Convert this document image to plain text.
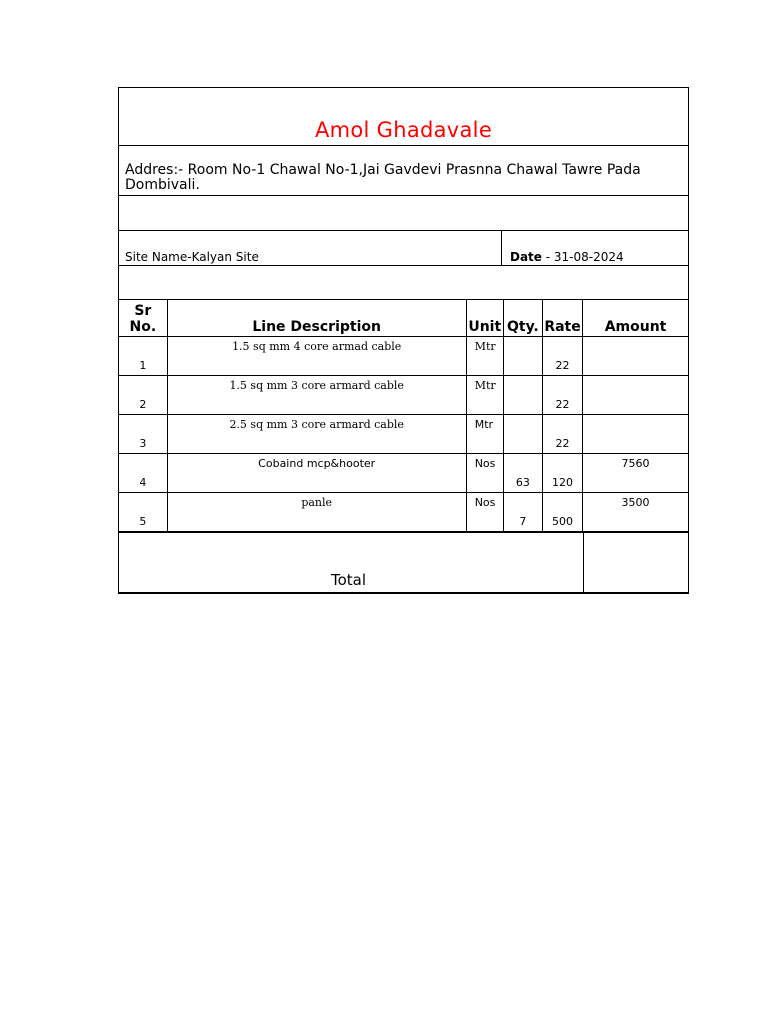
Amol Ghadavale
Addres:- Room No-1 Chawal No-1,Jai Gavdevi Prasnna Chawal Tawre Pada Dombivali.
Site Name-Kalyan Site	Date - 31-08-2024
Sr No.	Line Description	Unit	Qty.	Rate	Amount

1	1.5 sq mm 4 core armad cable	Mtr		22	

2	1.5 sq mm 3 core armard cable	Mtr		22	

3	2.5 sq mm 3 core armard cable	Mtr		22	

4	Cobaind mcp&hooter	Nos	63	120	7560

5	panle	Nos	7	500	3500
Total
